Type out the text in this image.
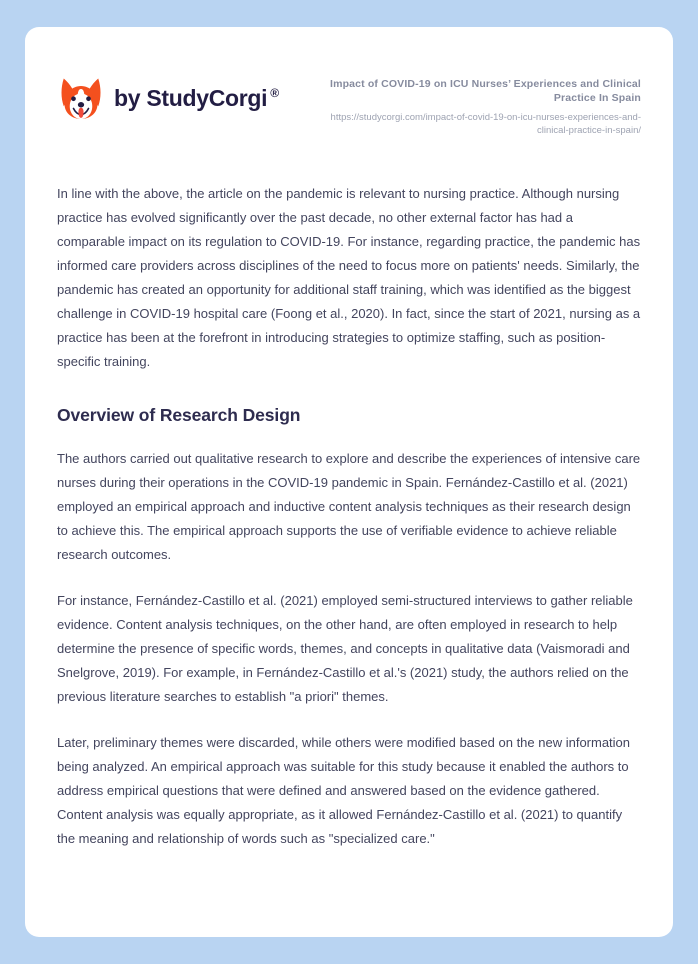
by StudyCorgi ®
Impact of COVID-19 on ICU Nurses’ Experiences and Clinical Practice In Spain
https://studycorgi.com/impact-of-covid-19-on-icu-nurses-experiences-and-clinical-practice-in-spain/

In line with the above, the article on the pandemic is relevant to nursing practice. Although nursing practice has evolved significantly over the past decade, no other external factor has had a comparable impact on its regulation to COVID-19. For instance, regarding practice, the pandemic has informed care providers across disciplines of the need to focus more on patients' needs. Similarly, the pandemic has created an opportunity for additional staff training, which was identified as the biggest challenge in COVID-19 hospital care (Foong et al., 2020). In fact, since the start of 2021, nursing as a practice has been at the forefront in introducing strategies to optimize staffing, such as position-specific training.

Overview of Research Design

The authors carried out qualitative research to explore and describe the experiences of intensive care nurses during their operations in the COVID-19 pandemic in Spain. Fernández-Castillo et al. (2021) employed an empirical approach and inductive content analysis techniques as their research design to achieve this. The empirical approach supports the use of verifiable evidence to achieve reliable research outcomes.

For instance, Fernández-Castillo et al. (2021) employed semi-structured interviews to gather reliable evidence. Content analysis techniques, on the other hand, are often employed in research to help determine the presence of specific words, themes, and concepts in qualitative data (Vaismoradi and Snelgrove, 2019). For example, in Fernández-Castillo et al.'s (2021) study, the authors relied on the previous literature searches to establish "a priori" themes.

Later, preliminary themes were discarded, while others were modified based on the new information being analyzed. An empirical approach was suitable for this study because it enabled the authors to address empirical questions that were defined and answered based on the evidence gathered. Content analysis was equally appropriate, as it allowed Fernández-Castillo et al. (2021) to quantify the meaning and relationship of words such as "specialized care."
